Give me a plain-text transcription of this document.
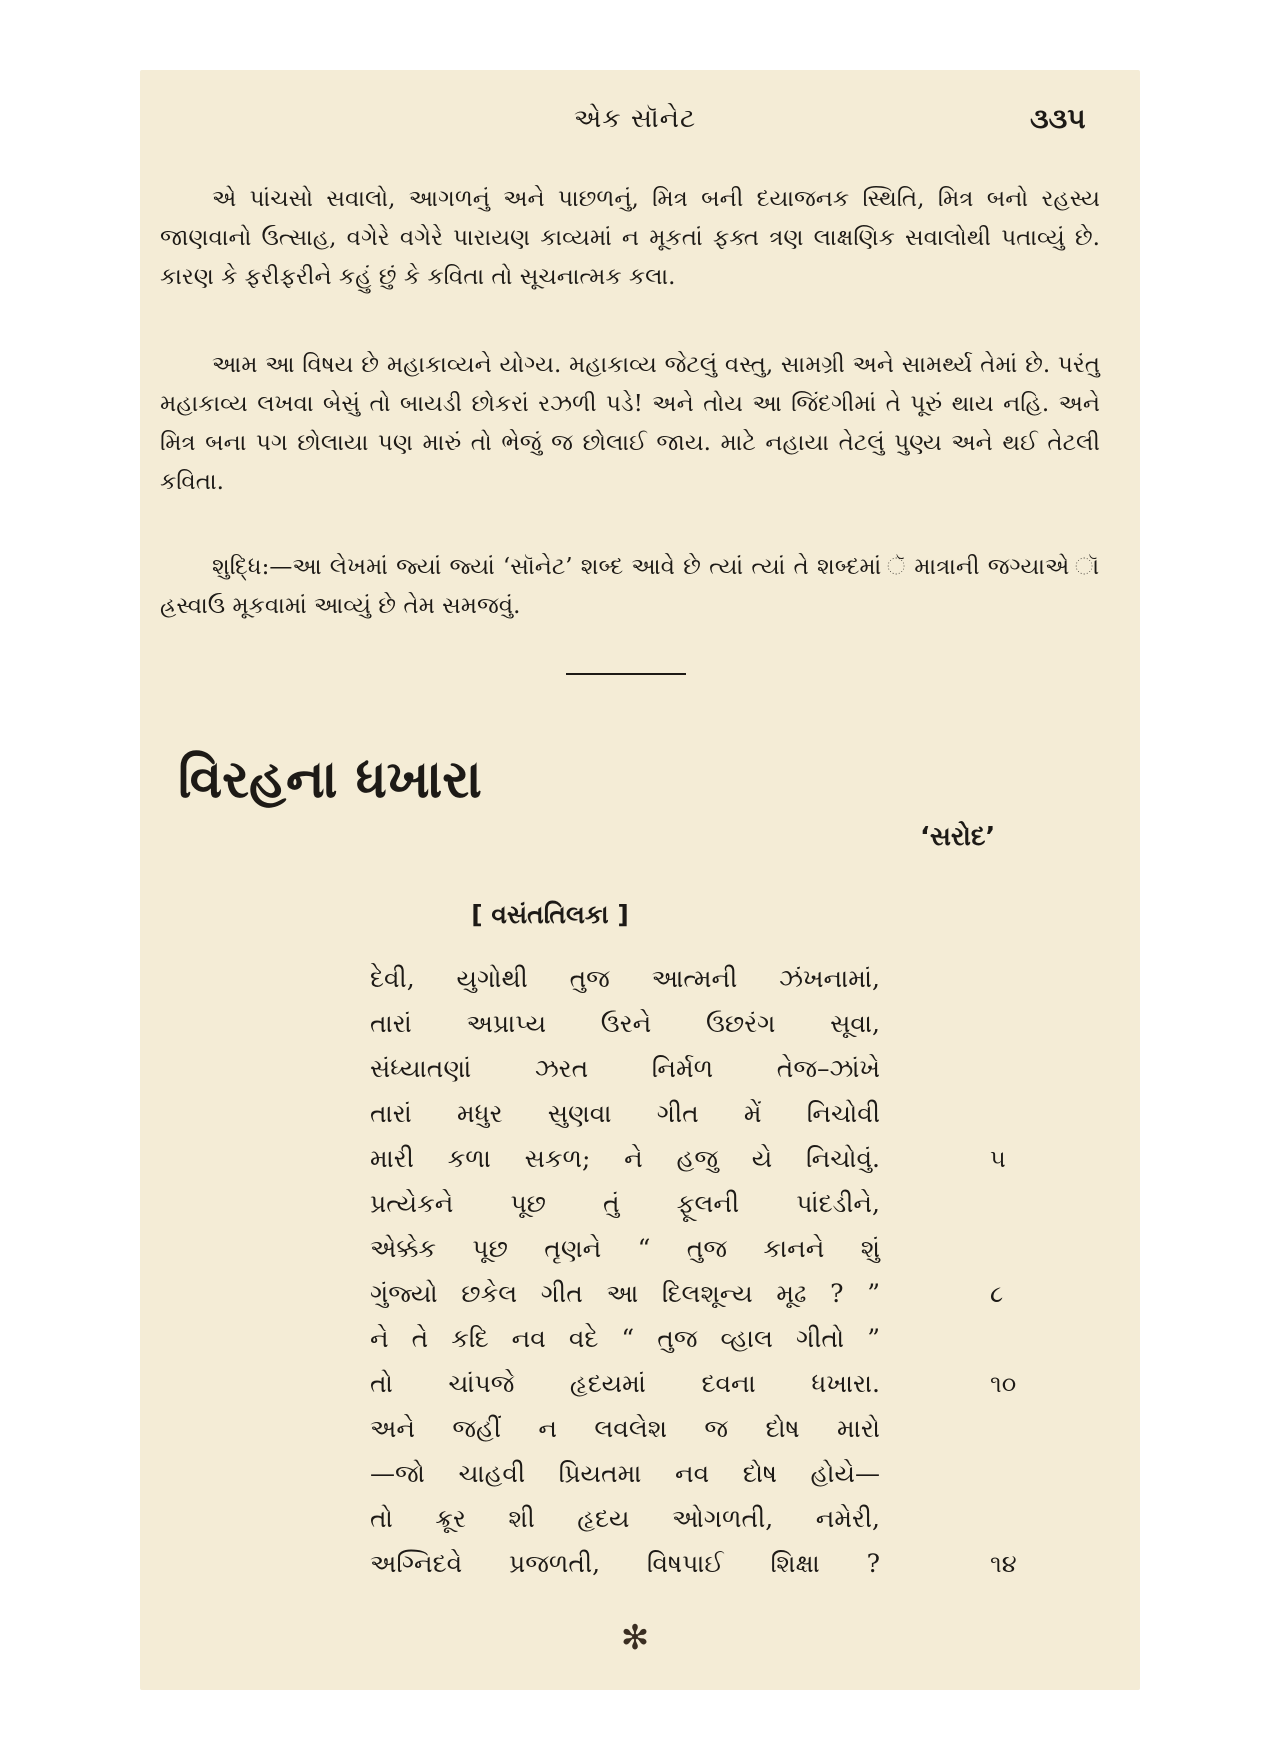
એક સૉનેટ	૩૩૫

એ પાંચસો સવાલો, આગળનું અને પાછળનું, મિત્ર બની દયાજનક સ્થિતિ, મિત્ર બનો રહસ્ય જાણવાનો ઉત્સાહ, વગેરે વગેરે પારાયણ કાવ્યમાં ન મૂકતાં ફક્ત ત્રણ લાક્ષણિક સવાલોથી પતાવ્યું છે. કારણ કે ફરીફરીને કહું છું કે કવિતા તો સૂચનાત્મક કલા.

આમ આ વિષય છે મહાકાવ્યને યોગ્ય. મહાકાવ્ય જેટલું વસ્તુ, સામગ્રી અને સામર્થ્ય તેમાં છે. પરંતુ મહાકાવ્ય લખવા બેસું તો બાયડી છોકરાં રઝળી પડે! અને તોય આ જિંદગીમાં તે પૂરું થાય નહિ. અને મિત્ર બના પગ છોલાયા પણ મારું તો ભેજું જ છોલાઈ જાય. માટે નહાયા તેટલું પુણ્ય અને થઈ તેટલી કવિતા.

શુદ્ધિ:—આ લેખમાં જ્યાં જ્યાં ‘સૉનેટ’ શબ્દ આવે છે ત્યાં ત્યાં તે શબ્દમાં ૅ માત્રાની જગ્યાએ ૉ હ્રસ્વાઉ મૂકવામાં આવ્યું છે તેમ સમજવું.

વિરહના ધખારા
‘સરોદ’
[ વસંતતિલકા ]
દેવી, યુગોથી તુજ આત્મની ઝંખનામાં,
તારાં અપ્રાપ્ય ઉરને ઉછરંગ સૂવા,
સંધ્યાતણાં ઝરત નિર્મળ તેજ–ઝાંખે
તારાં મધુર સુણવા ગીત મેં નિચોવી
મારી કળા સકળ; ને હજુ યે નિચોવું.
પ્રત્યેકને પૂછ તું ફૂલની પાંદડીને,
એક્કેક પૂછ તૃણને “ તુજ કાનને શું
ગુંજ્યો છકેલ ગીત આ દિલશૂન્ય મૂઢ ? ”
ને તે કદિ નવ વદે “ તુજ વ્હાલ ગીતો ”
તો ચાંપજે હૃદયમાં દવના ધખારા.
અને જહીં ન લવલેશ જ દોષ મારો
—જો ચાહવી પ્રિયતમા નવ દોષ હોયે—
તો ક્રૂર શી હૃદય ઓગળતી, નમેરી,
અગ્નિદવે પ્રજળતી, વિષપાઈ શિક્ષા ?
૫
૮
૧૦
૧૪
✻
